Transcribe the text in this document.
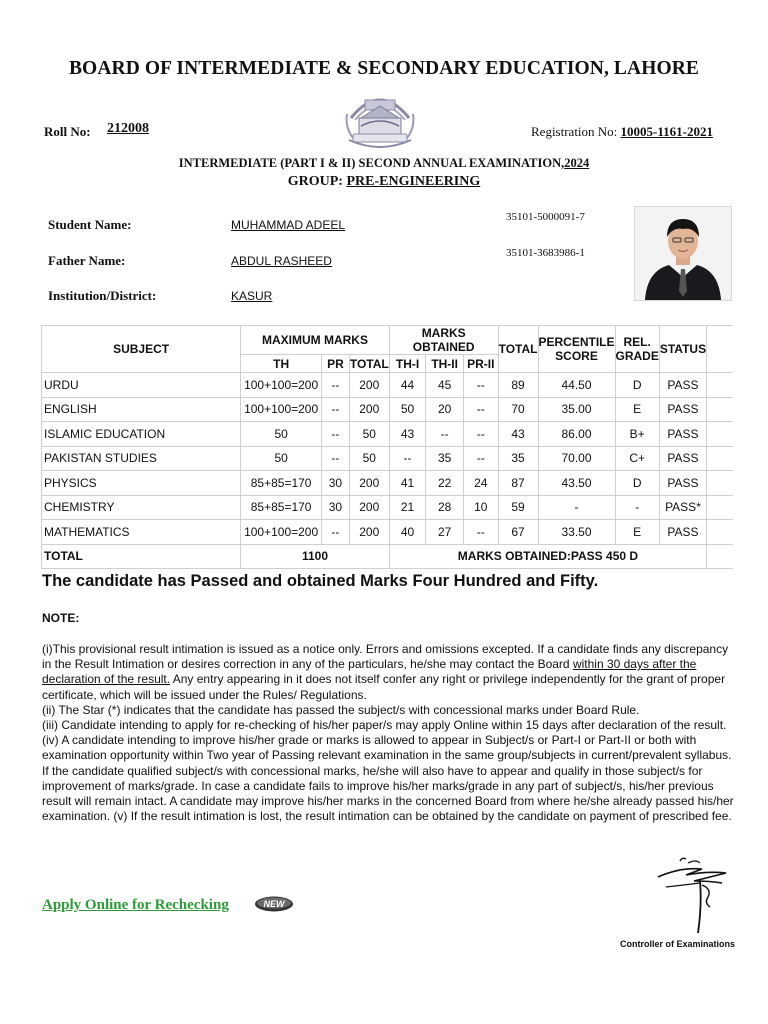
BOARD OF INTERMEDIATE & SECONDARY EDUCATION, LAHORE
Roll No: 212008	Registration No: 10005-1161-2021
INTERMEDIATE (PART I & II) SECOND ANNUAL EXAMINATION,2024
GROUP: PRE-ENGINEERING
Student Name:	MUHAMMAD ADEEL
35101-5000091-7
Father Name:	ABDUL RASHEED
35101-3683986-1
Institution/District:	KASUR
SUBJECT	MAXIMUM MARKS			MARKS OBTAINED			TOTAL	PERCENTILE SCORE	REL. GRADE	STATUS	
	TH	PR	TOTAL	TH-I	TH-II	PR-II					
URDU	100+100=200	--	200	44	45	--	89	44.50	D	PASS	
ENGLISH	100+100=200	--	200	50	20	--	70	35.00	E	PASS	
ISLAMIC EDUCATION	50	--	50	43	--	--	43	86.00	B+	PASS	
PAKISTAN STUDIES	50	--	50	--	35	--	35	70.00	C+	PASS	
PHYSICS	85+85=170	30	200	41	22	24	87	43.50	D	PASS	
CHEMISTRY	85+85=170	30	200	21	28	10	59	-	-	PASS*	
MATHEMATICS	100+100=200	--	200	40	27	--	67	33.50	E	PASS	
TOTAL	1100			MARKS OBTAINED:PASS 450 D							
The candidate has Passed and obtained Marks Four Hundred and Fifty.
NOTE:
(i)This provisional result intimation is issued as a notice only. Errors and omissions excepted. If a candidate finds any discrepancy in the Result Intimation or desires correction in any of the particulars, he/she may contact the Board within 30 days after the declaration of the result. Any entry appearing in it does not itself confer any right or privilege independently for the grant of proper certificate, which will be issued under the Rules/ Regulations.
(ii) The Star (*) indicates that the candidate has passed the subject/s with concessional marks under Board Rule.
(iii) Candidate intending to apply for re-checking of his/her paper/s may apply Online within 15 days after declaration of the result. (iv) A candidate intending to improve his/her grade or marks is allowed to appear in Subject/s or Part-I or Part-II or both with examination opportunity within Two year of Passing relevant examination in the same group/subjects in current/prevalent syllabus. If the candidate qualified subject/s with concessional marks, he/she will also have to appear and qualify in those subject/s for improvement of marks/grade. In case a candidate fails to improve his/her marks/grade in any part of subject/s, his/her previous result will remain intact. A candidate may improve his/her marks in the concerned Board from where he/she already passed his/her examination. (v) If the result intimation is lost, the result intimation can be obtained by the candidate on payment of prescribed fee.
Apply Online for Rechecking	NEW
Controller of Examinations
